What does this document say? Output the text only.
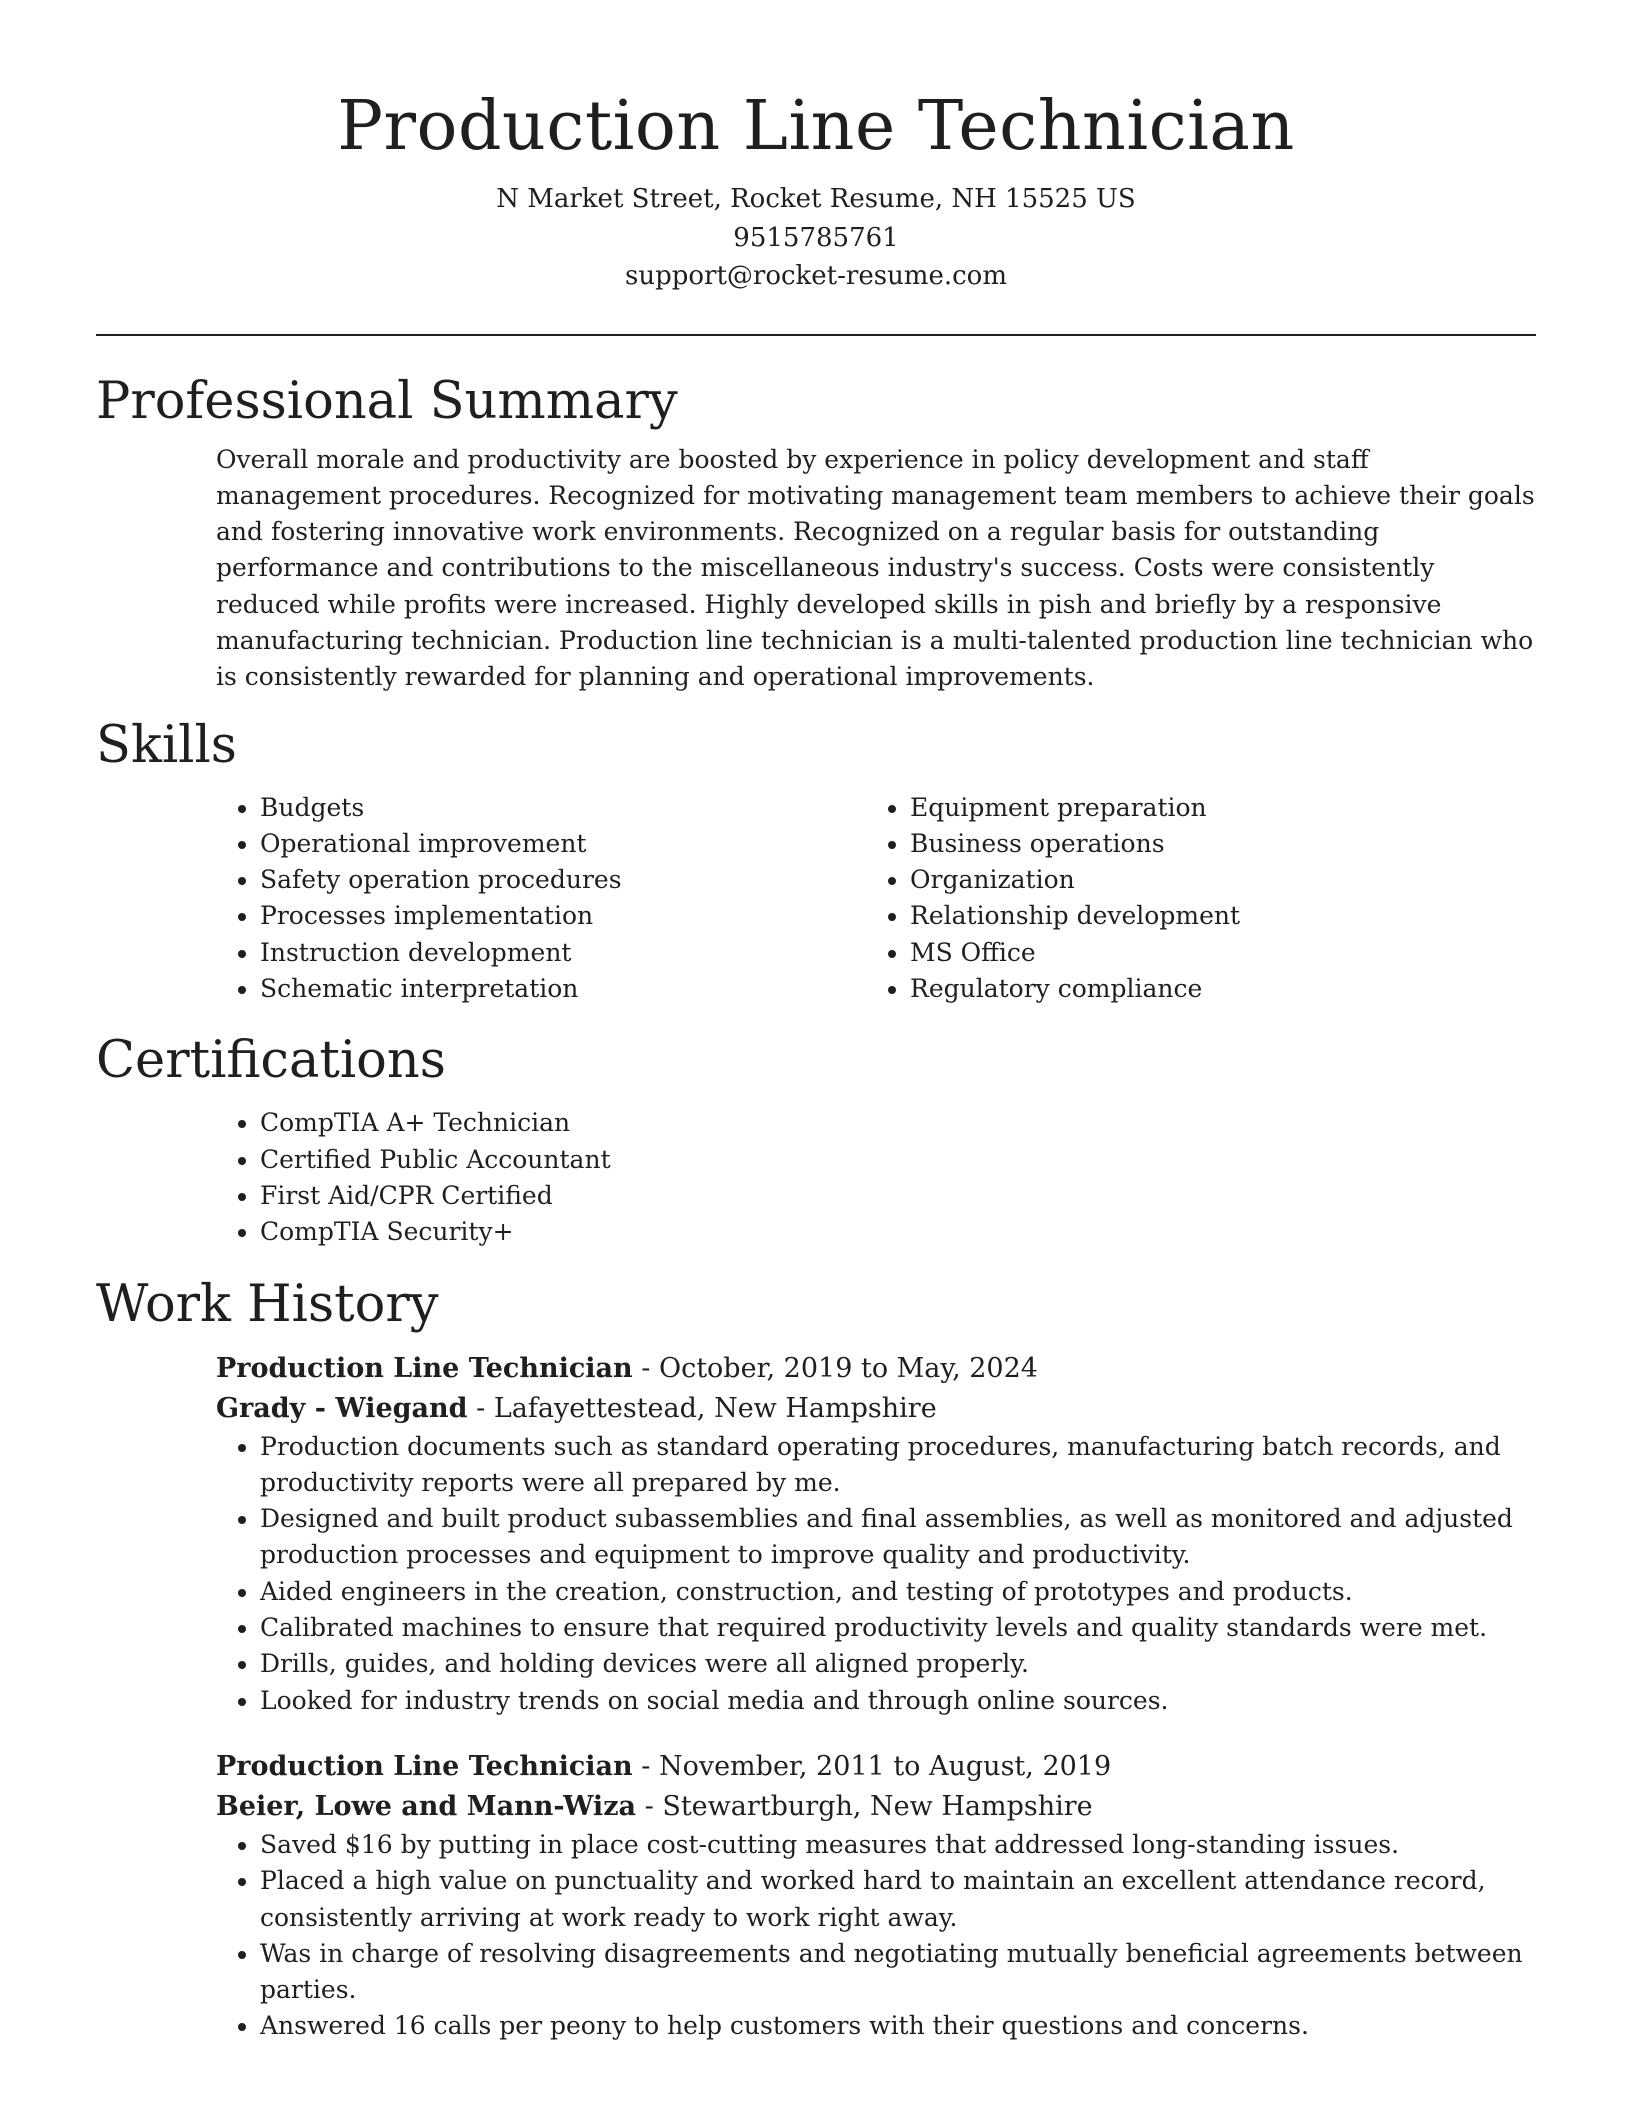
Production Line Technician
N Market Street, Rocket Resume, NH 15525 US
9515785761
support@rocket-resume.com
Professional Summary
Overall morale and productivity are boosted by experience in policy development and staff management procedures. Recognized for motivating management team members to achieve their goals and fostering innovative work environments. Recognized on a regular basis for outstanding performance and contributions to the miscellaneous industry's success. Costs were consistently reduced while profits were increased. Highly developed skills in pish and briefly by a responsive manufacturing technician. Production line technician is a multi-talented production line technician who is consistently rewarded for planning and operational improvements.
Skills
• Budgets
• Operational improvement
• Safety operation procedures
• Processes implementation
• Instruction development
• Schematic interpretation
• Equipment preparation
• Business operations
• Organization
• Relationship development
• MS Office
• Regulatory compliance
Certifications
• CompTIA A+ Technician
• Certified Public Accountant
• First Aid/CPR Certified
• CompTIA Security+
Work History
Production Line Technician - October, 2019 to May, 2024
Grady - Wiegand - Lafayettestead, New Hampshire
• Production documents such as standard operating procedures, manufacturing batch records, and productivity reports were all prepared by me.
• Designed and built product subassemblies and final assemblies, as well as monitored and adjusted production processes and equipment to improve quality and productivity.
• Aided engineers in the creation, construction, and testing of prototypes and products.
• Calibrated machines to ensure that required productivity levels and quality standards were met.
• Drills, guides, and holding devices were all aligned properly.
• Looked for industry trends on social media and through online sources.
Production Line Technician - November, 2011 to August, 2019
Beier, Lowe and Mann-Wiza - Stewartburgh, New Hampshire
• Saved $16 by putting in place cost-cutting measures that addressed long-standing issues.
• Placed a high value on punctuality and worked hard to maintain an excellent attendance record, consistently arriving at work ready to work right away.
• Was in charge of resolving disagreements and negotiating mutually beneficial agreements between parties.
• Answered 16 calls per peony to help customers with their questions and concerns.
